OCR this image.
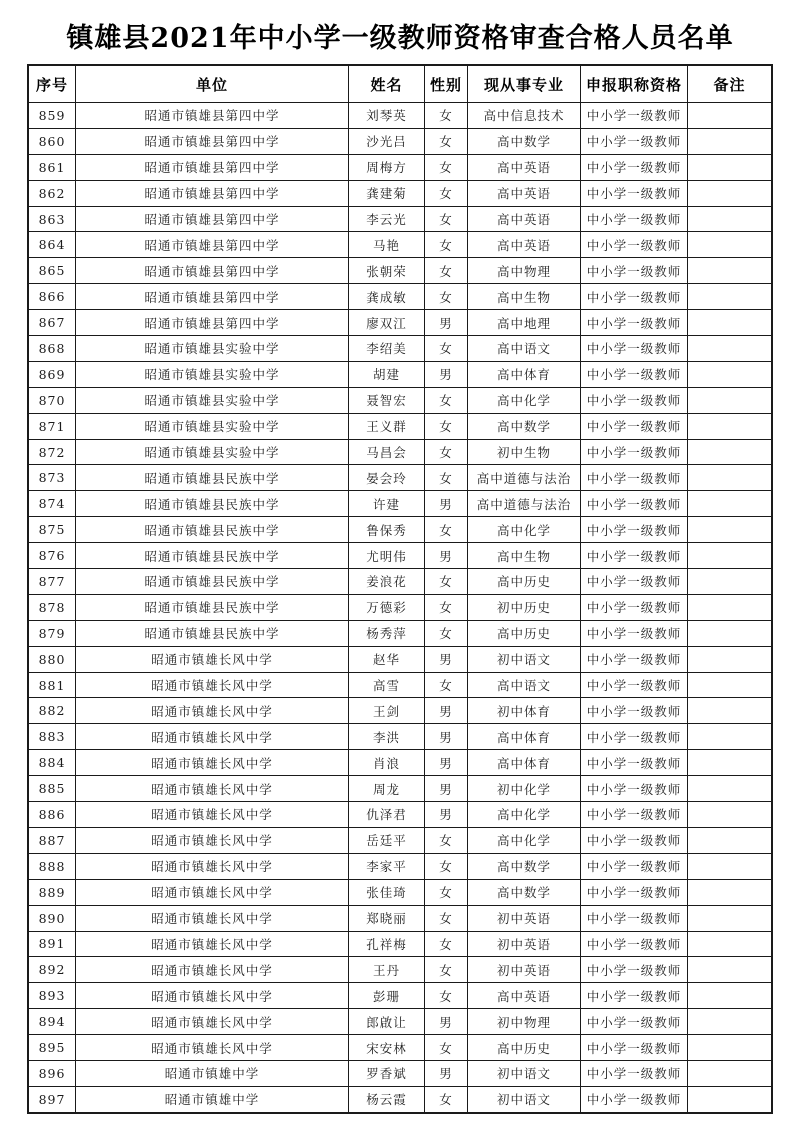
镇雄县2021年中小学一级教师资格审查合格人员名单
序号	单位	姓名	性别	现从事专业	申报职称资格	备注
859	昭通市镇雄县第四中学	刘琴英	女	高中信息技术	中小学一级教师	
860	昭通市镇雄县第四中学	沙光吕	女	高中数学	中小学一级教师	
861	昭通市镇雄县第四中学	周梅方	女	高中英语	中小学一级教师	
862	昭通市镇雄县第四中学	龚建菊	女	高中英语	中小学一级教师	
863	昭通市镇雄县第四中学	李云光	女	高中英语	中小学一级教师	
864	昭通市镇雄县第四中学	马艳	女	高中英语	中小学一级教师	
865	昭通市镇雄县第四中学	张朝荣	女	高中物理	中小学一级教师	
866	昭通市镇雄县第四中学	龚成敏	女	高中生物	中小学一级教师	
867	昭通市镇雄县第四中学	廖双江	男	高中地理	中小学一级教师	
868	昭通市镇雄县实验中学	李绍美	女	高中语文	中小学一级教师	
869	昭通市镇雄县实验中学	胡建	男	高中体育	中小学一级教师	
870	昭通市镇雄县实验中学	聂智宏	女	高中化学	中小学一级教师	
871	昭通市镇雄县实验中学	王义群	女	高中数学	中小学一级教师	
872	昭通市镇雄县实验中学	马昌会	女	初中生物	中小学一级教师	
873	昭通市镇雄县民族中学	晏会玲	女	高中道德与法治	中小学一级教师	
874	昭通市镇雄县民族中学	许建	男	高中道德与法治	中小学一级教师	
875	昭通市镇雄县民族中学	鲁保秀	女	高中化学	中小学一级教师	
876	昭通市镇雄县民族中学	尤明伟	男	高中生物	中小学一级教师	
877	昭通市镇雄县民族中学	姜浪花	女	高中历史	中小学一级教师	
878	昭通市镇雄县民族中学	万德彩	女	初中历史	中小学一级教师	
879	昭通市镇雄县民族中学	杨秀萍	女	高中历史	中小学一级教师	
880	昭通市镇雄长风中学	赵华	男	初中语文	中小学一级教师	
881	昭通市镇雄长风中学	高雪	女	高中语文	中小学一级教师	
882	昭通市镇雄长风中学	王剑	男	初中体育	中小学一级教师	
883	昭通市镇雄长风中学	李洪	男	高中体育	中小学一级教师	
884	昭通市镇雄长风中学	肖浪	男	高中体育	中小学一级教师	
885	昭通市镇雄长风中学	周龙	男	初中化学	中小学一级教师	
886	昭通市镇雄长风中学	仇泽君	男	高中化学	中小学一级教师	
887	昭通市镇雄长风中学	岳廷平	女	高中化学	中小学一级教师	
888	昭通市镇雄长风中学	李家平	女	高中数学	中小学一级教师	
889	昭通市镇雄长风中学	张佳琦	女	高中数学	中小学一级教师	
890	昭通市镇雄长风中学	郑晓丽	女	初中英语	中小学一级教师	
891	昭通市镇雄长风中学	孔祥梅	女	初中英语	中小学一级教师	
892	昭通市镇雄长风中学	王丹	女	初中英语	中小学一级教师	
893	昭通市镇雄长风中学	彭珊	女	高中英语	中小学一级教师	
894	昭通市镇雄长风中学	郎啟让	男	初中物理	中小学一级教师	
895	昭通市镇雄长风中学	宋安林	女	高中历史	中小学一级教师	
896	昭通市镇雄中学	罗香斌	男	初中语文	中小学一级教师	
897	昭通市镇雄中学	杨云霞	女	初中语文	中小学一级教师	
